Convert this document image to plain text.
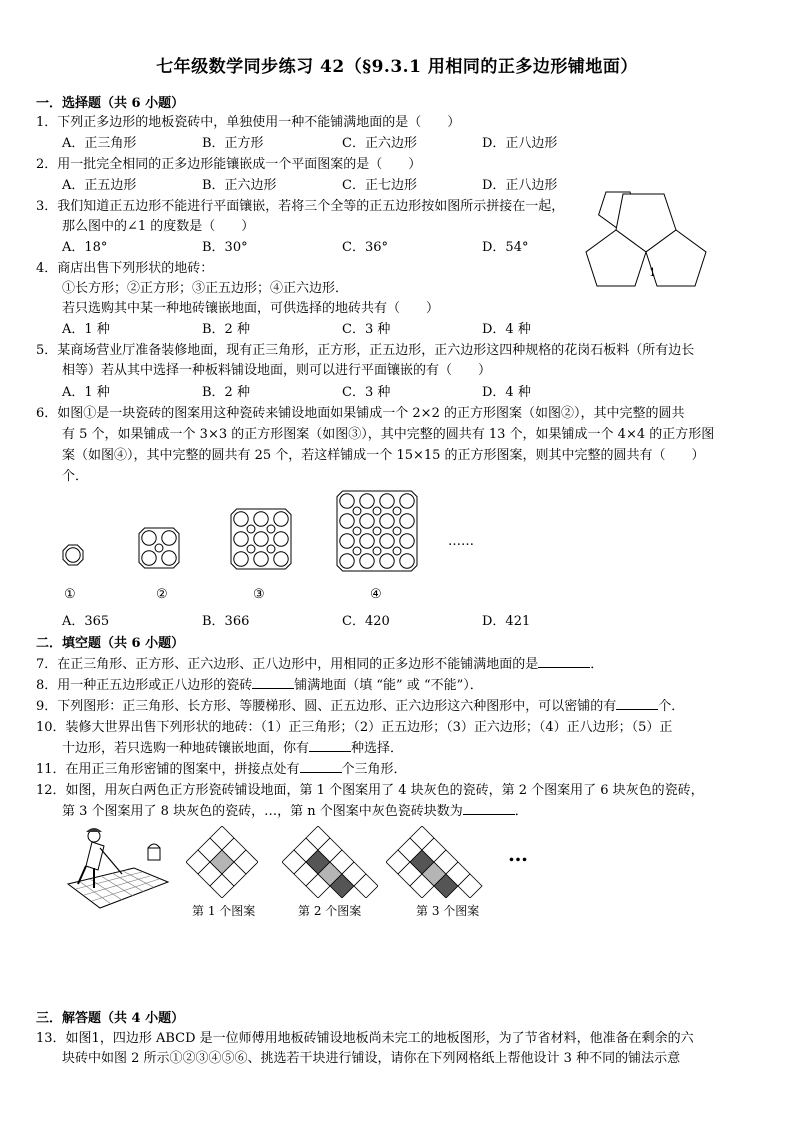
七年级数学同步练习 42（§9.3.1 用相同的正多边形铺地面）
一．选择题（共 6 小题）
1．下列正多边形的地板瓷砖中，单独使用一种不能铺满地面的是（　　）
A．正三角形	B．正方形	C．正六边形	D．正八边形
2．用一批完全相同的正多边形能镶嵌成一个平面图案的是（　　）
A．正五边形	B．正六边形	C．正七边形	D．正八边形
3．我们知道正五边形不能进行平面镶嵌，若将三个全等的正五边形按如图所示拼接在一起，
那么图中的∠1 的度数是（　　）
A．18°	B．30°	C．36°	D．54°
1
4．商店出售下列形状的地砖：
①长方形；②正方形；③正五边形；④正六边形．
若只选购其中某一种地砖镶嵌地面，可供选择的地砖共有（　　）
A．1 种	B．2 种	C．3 种	D．4 种
5．某商场营业厅准备装修地面，现有正三角形，正方形，正五边形，正六边形这四种规格的花岗石板料（所有边长
相等）若从其中选择一种板料铺设地面，则可以进行平面镶嵌的有（　　）
A．1 种	B．2 种	C．3 种	D．4 种
6．如图①是一块瓷砖的图案用这种瓷砖来铺设地面如果铺成一个 2×2 的正方形图案（如图②），其中完整的圆共
有 5 个，如果铺成一个 3×3 的正方形图案（如图③），其中完整的圆共有 13 个，如果铺成一个 4×4 的正方形图
案（如图④），其中完整的圆共有 25 个，若这样铺成一个 15×15 的正方形图案，则其中完整的圆共有（　　）
个．
……
①	②	③	④
A．365	B．366	C．420	D．421
二．填空题（共 6 小题）
7．在正三角形、正方形、正六边形、正八边形中，用相同的正多边形不能铺满地面的是	．
8．用一种正五边形或正八边形的瓷砖	铺满地面（填 “能” 或 “不能”）．
9．下列图形：正三角形、长方形、等腰梯形、圆、正五边形、正六边形这六种图形中，可以密铺的有	个．
10．装修大世界出售下列形状的地砖：（1）正三角形；（2）正五边形；（3）正六边形；（4）正八边形；（5）正
十边形，若只选购一种地砖镶嵌地面，你有	种选择．
11．在用正三角形密铺的图案中，拼接点处有	个三角形．
12．如图，用灰白两色正方形瓷砖铺设地面，第 1 个图案用了 4 块灰色的瓷砖，第 2 个图案用了 6 块灰色的瓷砖，
第 3 个图案用了 8 块灰色的瓷砖，…，第 n 个图案中灰色瓷砖块数为	．
…
第 1 个图案	第 2 个图案	第 3 个图案
三．解答题（共 4 小题）
13．如图1，四边形 ABCD 是一位师傅用地板砖铺设地板尚未完工的地板图形，为了节省材料，他准备在剩余的六
块砖中如图 2 所示①②③④⑤⑥、挑选若干块进行铺设，请你在下列网格纸上帮他设计 3 种不同的铺法示意
